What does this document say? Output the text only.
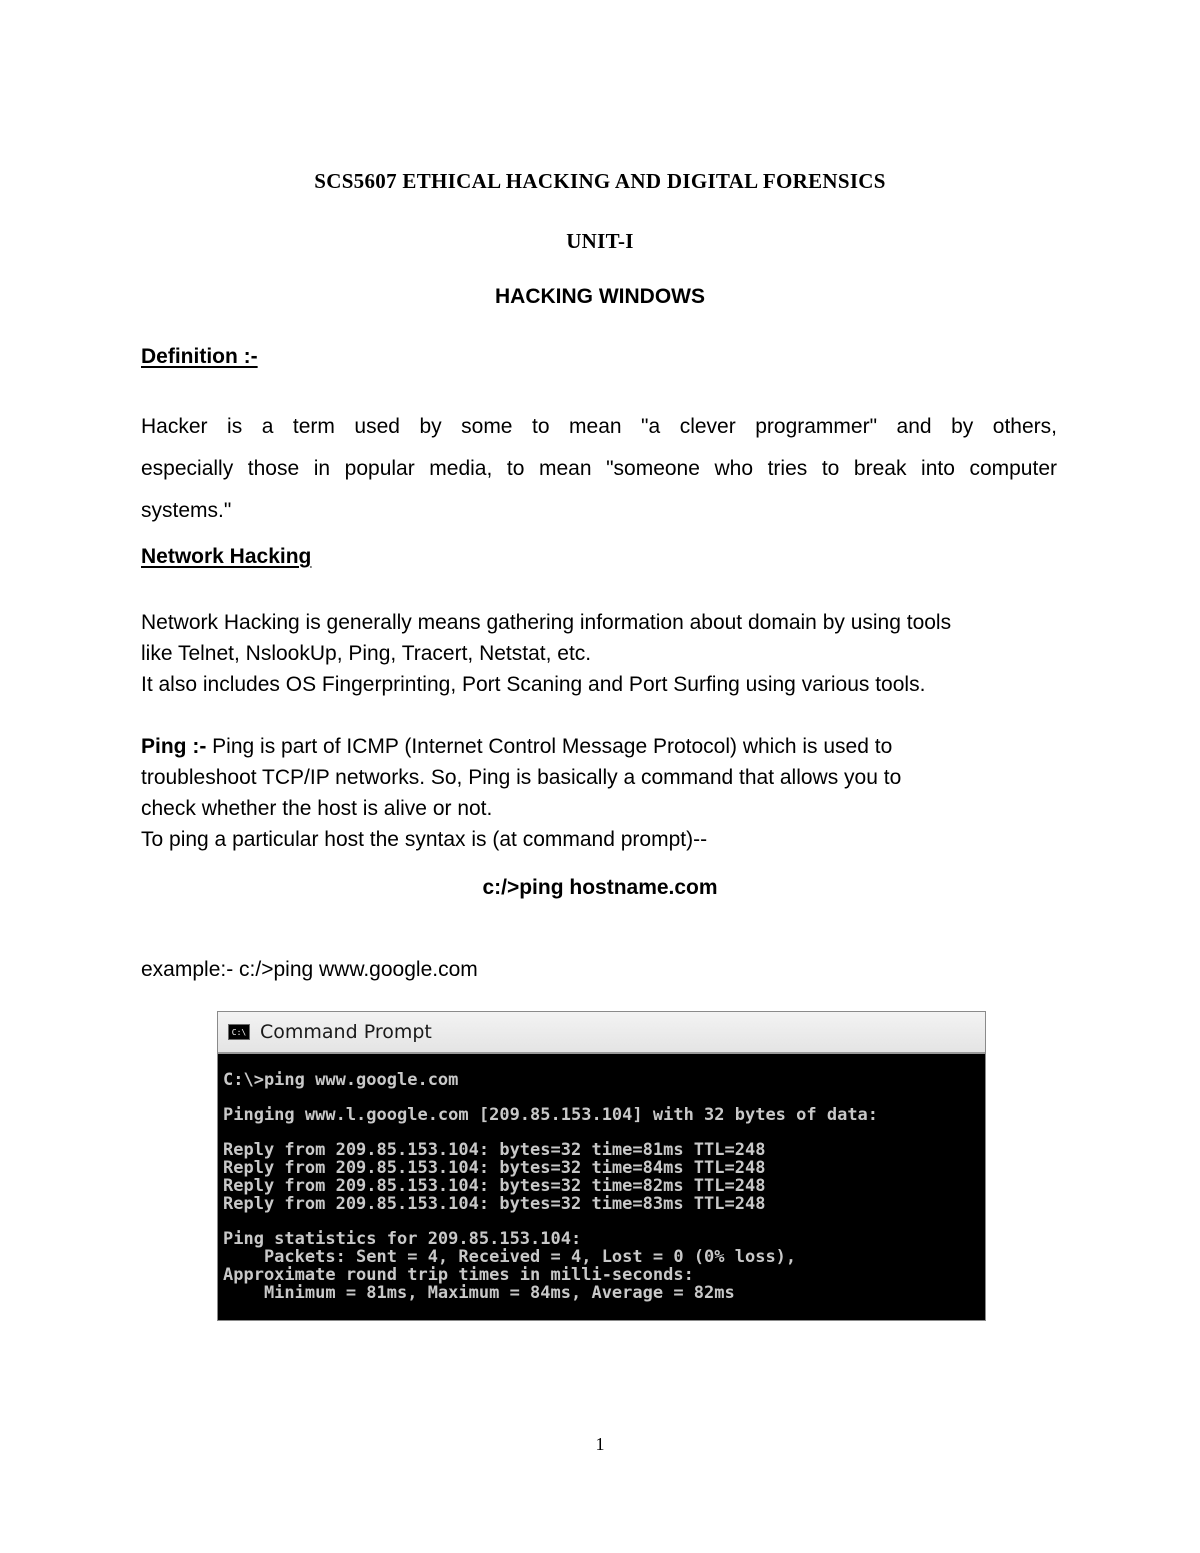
SCS5607 ETHICAL HACKING AND DIGITAL FORENSICS
UNIT-I
HACKING WINDOWS
Definition :-
Hacker is a term used by some to mean "a clever programmer" and by others,
especially those in popular media, to mean "someone who tries to break into computer
systems."
Network Hacking
Network Hacking is generally means gathering information about domain by using tools
like Telnet, NslookUp, Ping, Tracert, Netstat, etc.
It also includes OS Fingerprinting, Port Scaning and Port Surfing using various tools.
Ping :- Ping is part of ICMP (Internet Control Message Protocol) which is used to
troubleshoot TCP/IP networks. So, Ping is basically a command that allows you to
check whether the host is alive or not.
To ping a particular host the syntax is (at command prompt)--
c:/>ping hostname.com
example:- c:/>ping www.google.com
C:\ Command Prompt
C:\>ping www.google.com
Pinging www.l.google.com [209.85.153.104] with 32 bytes of data:
Reply from 209.85.153.104: bytes=32 time=81ms TTL=248
Reply from 209.85.153.104: bytes=32 time=84ms TTL=248
Reply from 209.85.153.104: bytes=32 time=82ms TTL=248
Reply from 209.85.153.104: bytes=32 time=83ms TTL=248
Ping statistics for 209.85.153.104:
Packets: Sent = 4, Received = 4, Lost = 0 (0% loss),
Approximate round trip times in milli-seconds:
Minimum = 81ms, Maximum = 84ms, Average = 82ms
1
